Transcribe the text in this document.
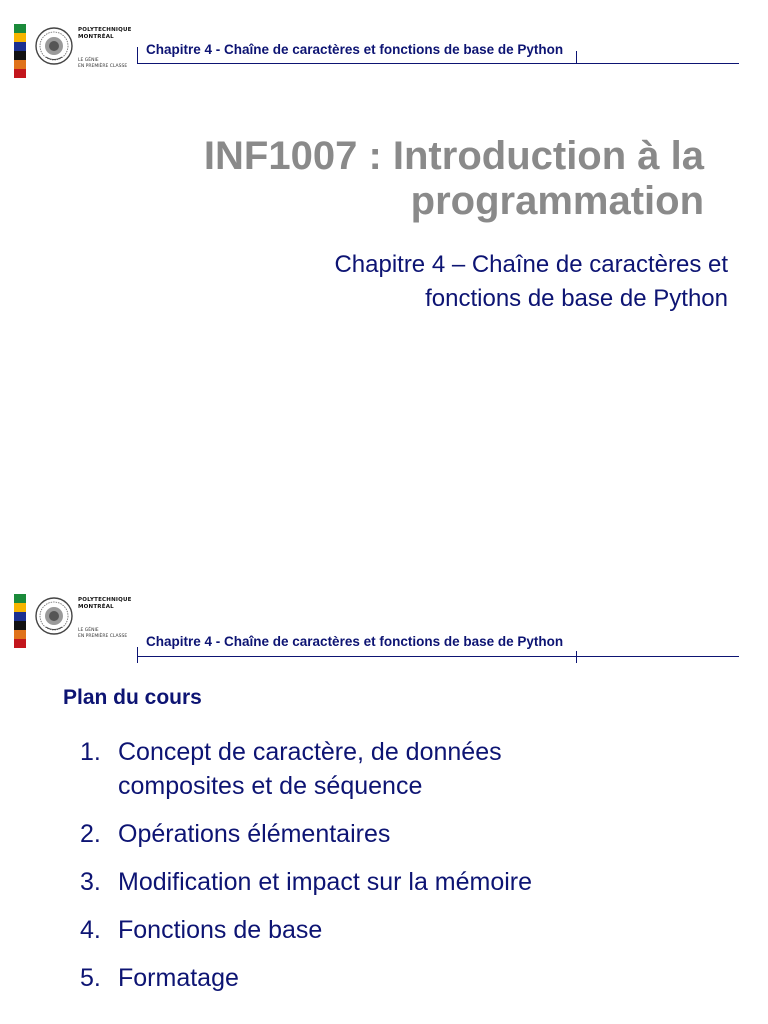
POLYTECHNIQUE
MONTRÉAL
LE GÉNIE
EN PREMIÈRE CLASSE
Chapitre 4 - Chaîne de caractères et fonctions de base de Python
INF1007 : Introduction à la
programmation
Chapitre 4 – Chaîne de caractères et
fonctions de base de Python
POLYTECHNIQUE
MONTRÉAL
LE GÉNIE
EN PREMIÈRE CLASSE	Chapitre 4 - Chaîne de caractères et fonctions de base de Python
Plan du cours
1. Concept de caractère, de données
composites et de séquence
2. Opérations élémentaires
3. Modification et impact sur la mémoire
4. Fonctions de base
5. Formatage
